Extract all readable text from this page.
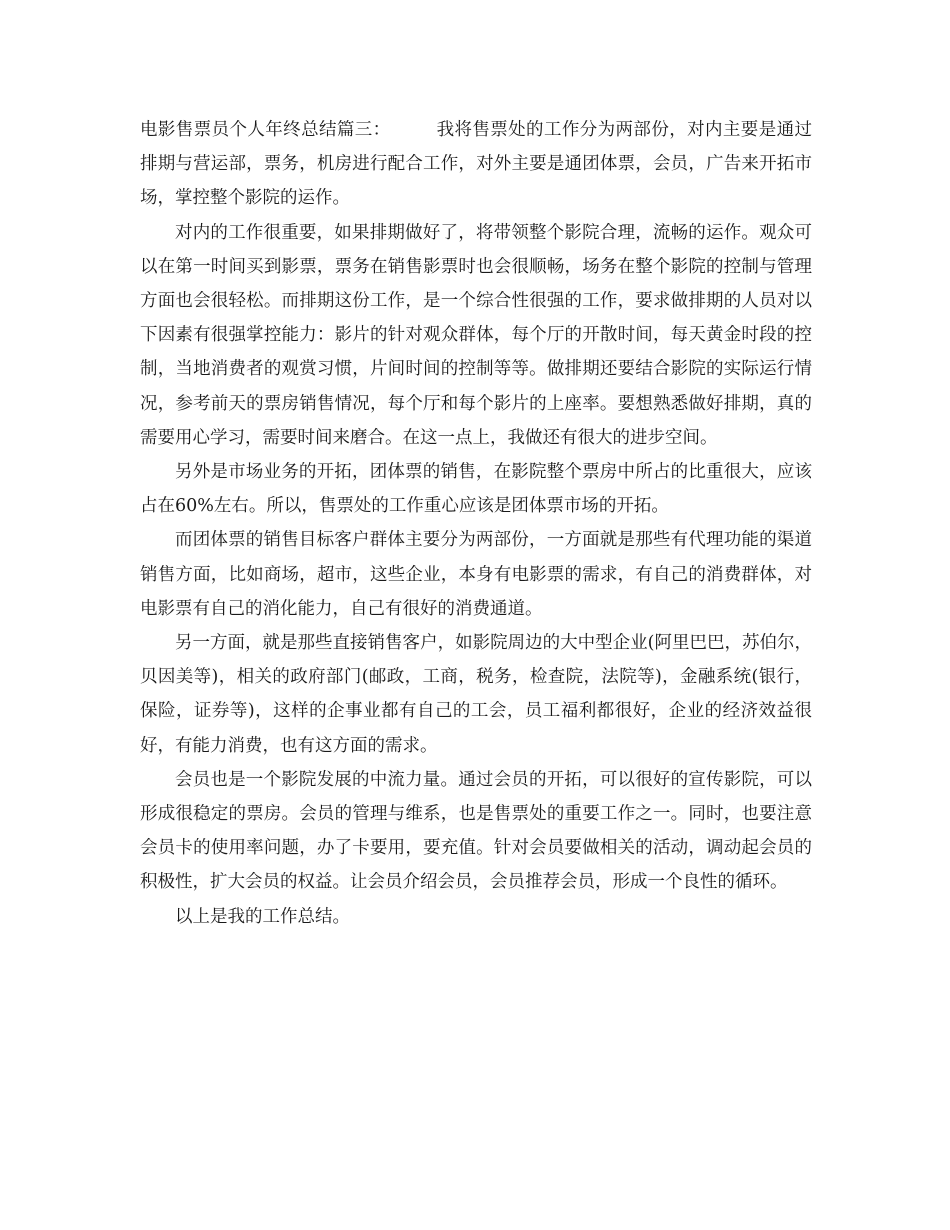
电影售票员个人年终总结篇三：	我将售票处的工作分为两部份，对内主要是通过排期与营运部，票务，机房进行配合工作，对外主要是通团体票，会员，广告来开拓市场，掌控整个影院的运作。

对内的工作很重要，如果排期做好了，将带领整个影院合理，流畅的运作。观众可以在第一时间买到影票，票务在销售影票时也会很顺畅，场务在整个影院的控制与管理方面也会很轻松。而排期这份工作，是一个综合性很强的工作，要求做排期的人员对以下因素有很强掌控能力：影片的针对观众群体，每个厅的开散时间，每天黄金时段的控制，当地消费者的观赏习惯，片间时间的控制等等。做排期还要结合影院的实际运行情况，参考前天的票房销售情况，每个厅和每个影片的上座率。要想熟悉做好排期，真的需要用心学习，需要时间来磨合。在这一点上，我做还有很大的进步空间。

另外是市场业务的开拓，团体票的销售，在影院整个票房中所占的比重很大，应该占在60%左右。所以，售票处的工作重心应该是团体票市场的开拓。

而团体票的销售目标客户群体主要分为两部份，一方面就是那些有代理功能的渠道销售方面，比如商场，超市，这些企业，本身有电影票的需求，有自己的消费群体，对电影票有自己的消化能力，自己有很好的消费通道。

另一方面，就是那些直接销售客户，如影院周边的大中型企业(阿里巴巴，苏伯尔，贝因美等)，相关的政府部门(邮政，工商，税务，检查院，法院等)，金融系统(银行，保险，证券等)，这样的企事业都有自己的工会，员工福利都很好，企业的经济效益很好，有能力消费，也有这方面的需求。

会员也是一个影院发展的中流力量。通过会员的开拓，可以很好的宣传影院，可以形成很稳定的票房。会员的管理与维系，也是售票处的重要工作之一。同时，也要注意会员卡的使用率问题，办了卡要用，要充值。针对会员要做相关的活动，调动起会员的积极性，扩大会员的权益。让会员介绍会员，会员推荐会员，形成一个良性的循环。

以上是我的工作总结。
